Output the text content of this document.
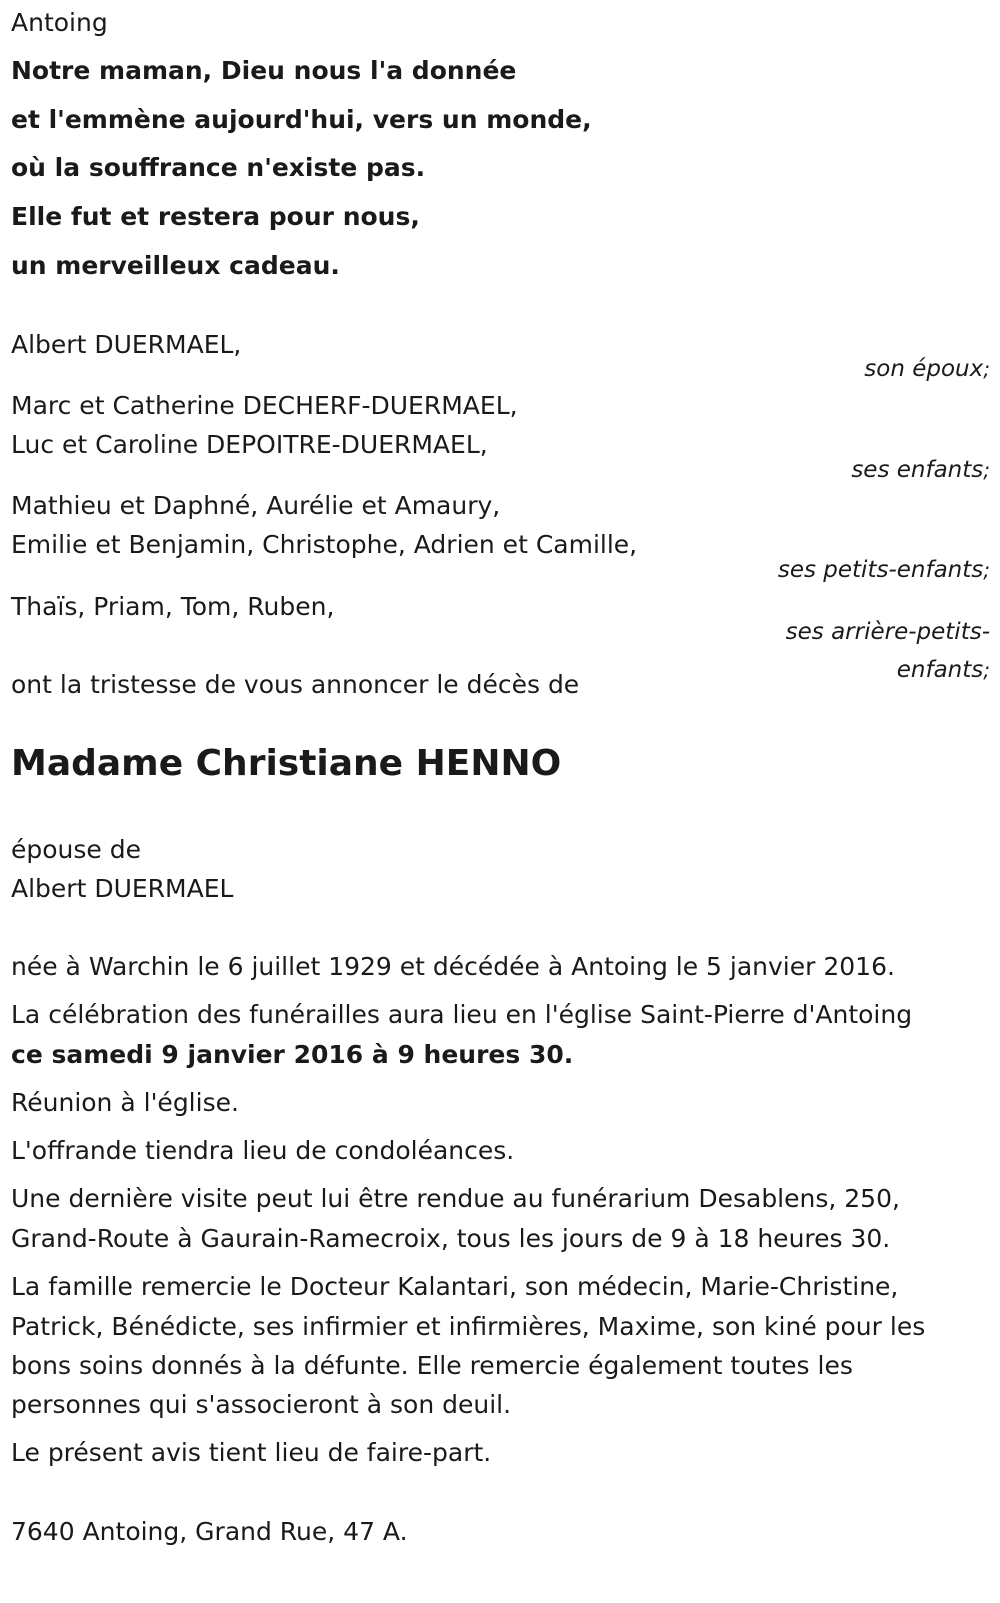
Antoing
Notre maman, Dieu nous l'a donnée
et l'emmène aujourd'hui, vers un monde,
où la souffrance n'existe pas.
Elle fut et restera pour nous,
un merveilleux cadeau.
Albert DUERMAEL,
son époux;
Marc et Catherine DECHERF-DUERMAEL,
Luc et Caroline DEPOITRE-DUERMAEL,
ses enfants;
Mathieu et Daphné, Aurélie et Amaury,
Emilie et Benjamin, Christophe, Adrien et Camille,
ses petits-enfants;
Thaïs, Priam, Tom, Ruben,
ses arrière-petits-
enfants;
ont la tristesse de vous annoncer le décès de
Madame Christiane HENNO
épouse de
Albert DUERMAEL
née à Warchin le 6 juillet 1929 et décédée à Antoing le 5 janvier 2016.
La célébration des funérailles aura lieu en l'église Saint-Pierre d'Antoing
ce samedi 9 janvier 2016 à 9 heures 30.
Réunion à l'église.
L'offrande tiendra lieu de condoléances.
Une dernière visite peut lui être rendue au funérarium Desablens, 250,
Grand-Route à Gaurain-Ramecroix, tous les jours de 9 à 18 heures 30.
La famille remercie le Docteur Kalantari, son médecin, Marie-Christine,
Patrick, Bénédicte, ses infirmier et infirmières, Maxime, son kiné pour les
bons soins donnés à la défunte. Elle remercie également toutes les
personnes qui s'associeront à son deuil.
Le présent avis tient lieu de faire-part.
7640 Antoing, Grand Rue, 47 A.
